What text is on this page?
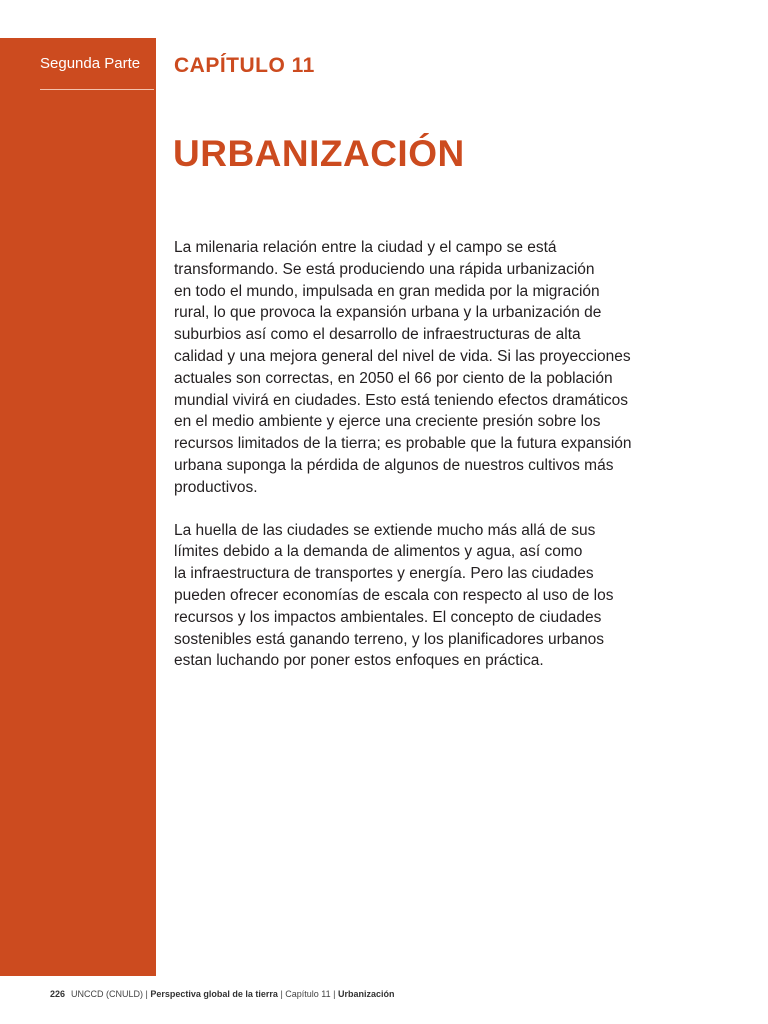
Segunda Parte	CAPÍTULO 11
URBANIZACIÓN

La milenaria relación entre la ciudad y el campo se está
transformando. Se está produciendo una rápida urbanización
en todo el mundo, impulsada en gran medida por la migración
rural, lo que provoca la expansión urbana y la urbanización de
suburbios así como el desarrollo de infraestructuras de alta
calidad y una mejora general del nivel de vida. Si las proyecciones
actuales son correctas, en 2050 el 66 por ciento de la población
mundial vivirá en ciudades. Esto está teniendo efectos dramáticos
en el medio ambiente y ejerce una creciente presión sobre los
recursos limitados de la tierra; es probable que la futura expansión
urbana suponga la pérdida de algunos de nuestros cultivos más
productivos.

La huella de las ciudades se extiende mucho más allá de sus
límites debido a la demanda de alimentos y agua, así como
la infraestructura de transportes y energía. Pero las ciudades
pueden ofrecer economías de escala con respecto al uso de los
recursos y los impactos ambientales. El concepto de ciudades
sostenibles está ganando terreno, y los planificadores urbanos
estan luchando por poner estos enfoques en práctica.

226 UNCCD (CNULD) | Perspectiva global de la tierra | Capítulo 11 | Urbanización
